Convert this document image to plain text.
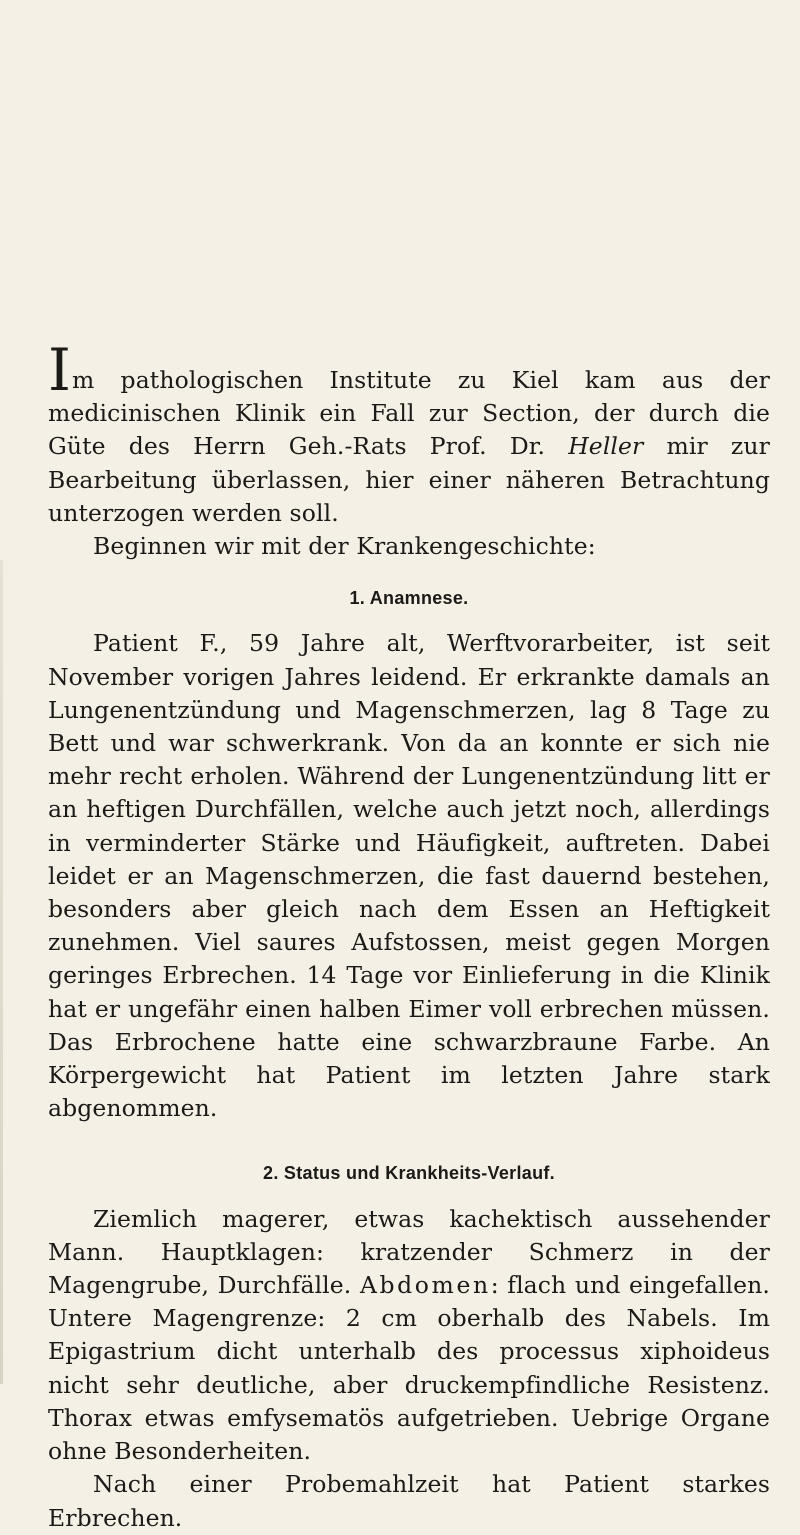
Im pathologischen Institute zu Kiel kam aus der medicinischen Klinik ein Fall zur Section, der durch die Güte des Herrn Geh.-Rats Prof. Dr. Heller mir zur Bearbeitung überlassen, hier einer näheren Betrachtung unterzogen werden soll.

Beginnen wir mit der Krankengeschichte:

1. Anamnese.

Patient F., 59 Jahre alt, Werftvorarbeiter, ist seit November vorigen Jahres leidend. Er erkrankte damals an Lungenentzündung und Magenschmerzen, lag 8 Tage zu Bett und war schwerkrank. Von da an konnte er sich nie mehr recht erholen. Während der Lungenentzündung litt er an heftigen Durchfällen, welche auch jetzt noch, allerdings in verminderter Stärke und Häufigkeit, auftreten. Dabei leidet er an Magenschmerzen, die fast dauernd bestehen, besonders aber gleich nach dem Essen an Heftigkeit zunehmen. Viel saures Aufstossen, meist gegen Morgen geringes Erbrechen. 14 Tage vor Einlieferung in die Klinik hat er ungefähr einen halben Eimer voll erbrechen müssen. Das Erbrochene hatte eine schwarzbraune Farbe. An Körpergewicht hat Patient im letzten Jahre stark abgenommen.

2. Status und Krankheits-Verlauf.

Ziemlich magerer, etwas kachektisch aussehender Mann. Hauptklagen: kratzender Schmerz in der Magengrube, Durchfälle. Abdomen: flach und eingefallen. Untere Magengrenze: 2 cm oberhalb des Nabels. Im Epigastrium dicht unterhalb des processus xiphoideus nicht sehr deutliche, aber druckempfindliche Resistenz. Thorax etwas emfysematös aufgetrieben. Uebrige Organe ohne Besonderheiten.

Nach einer Probemahlzeit hat Patient starkes Erbrechen.
